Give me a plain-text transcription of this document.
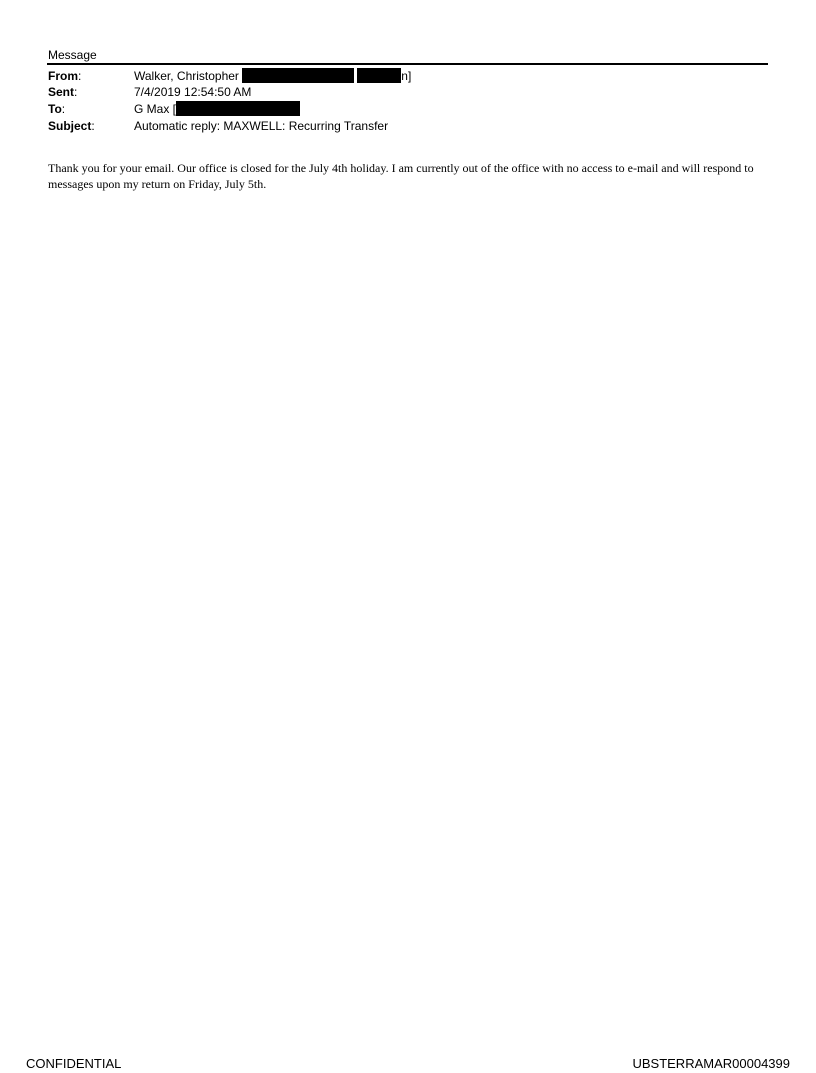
Message
From:	Walker, Christopher	n]
Sent:	7/4/2019 12:54:50 AM
To:	G Max [
Subject:	Automatic reply: MAXWELL: Recurring Transfer

Thank you for your email. Our office is closed for the July 4th holiday. I am currently out of the office with no access to e-mail and will respond to messages upon my return on Friday, July 5th.

CONFIDENTIAL	UBSTERRAMAR00004399
